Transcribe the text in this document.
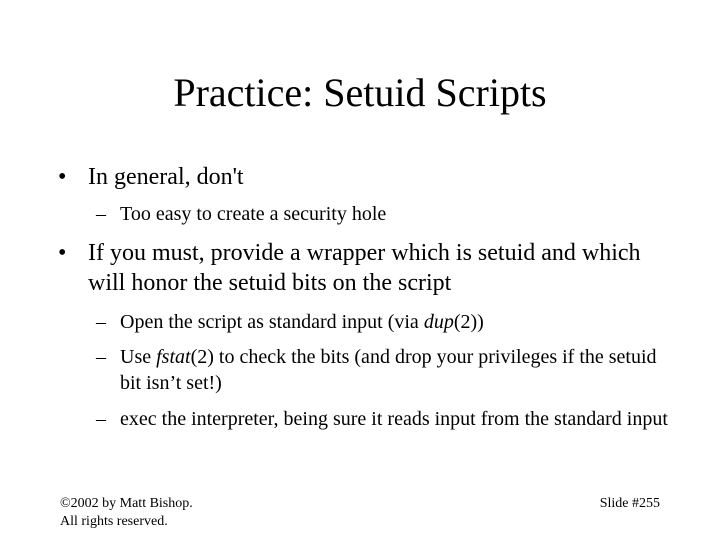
Practice: Setuid Scripts
• In general, don't
– Too easy to create a security hole
• If you must, provide a wrapper which is setuid and which will honor the setuid bits on the script
– Open the script as standard input (via dup(2))
– Use fstat(2) to check the bits (and drop your privileges if the setuid bit isn’t set!)
– exec the interpreter, being sure it reads input from the standard input
©2002 by Matt Bishop.
All rights reserved.
Slide #255
